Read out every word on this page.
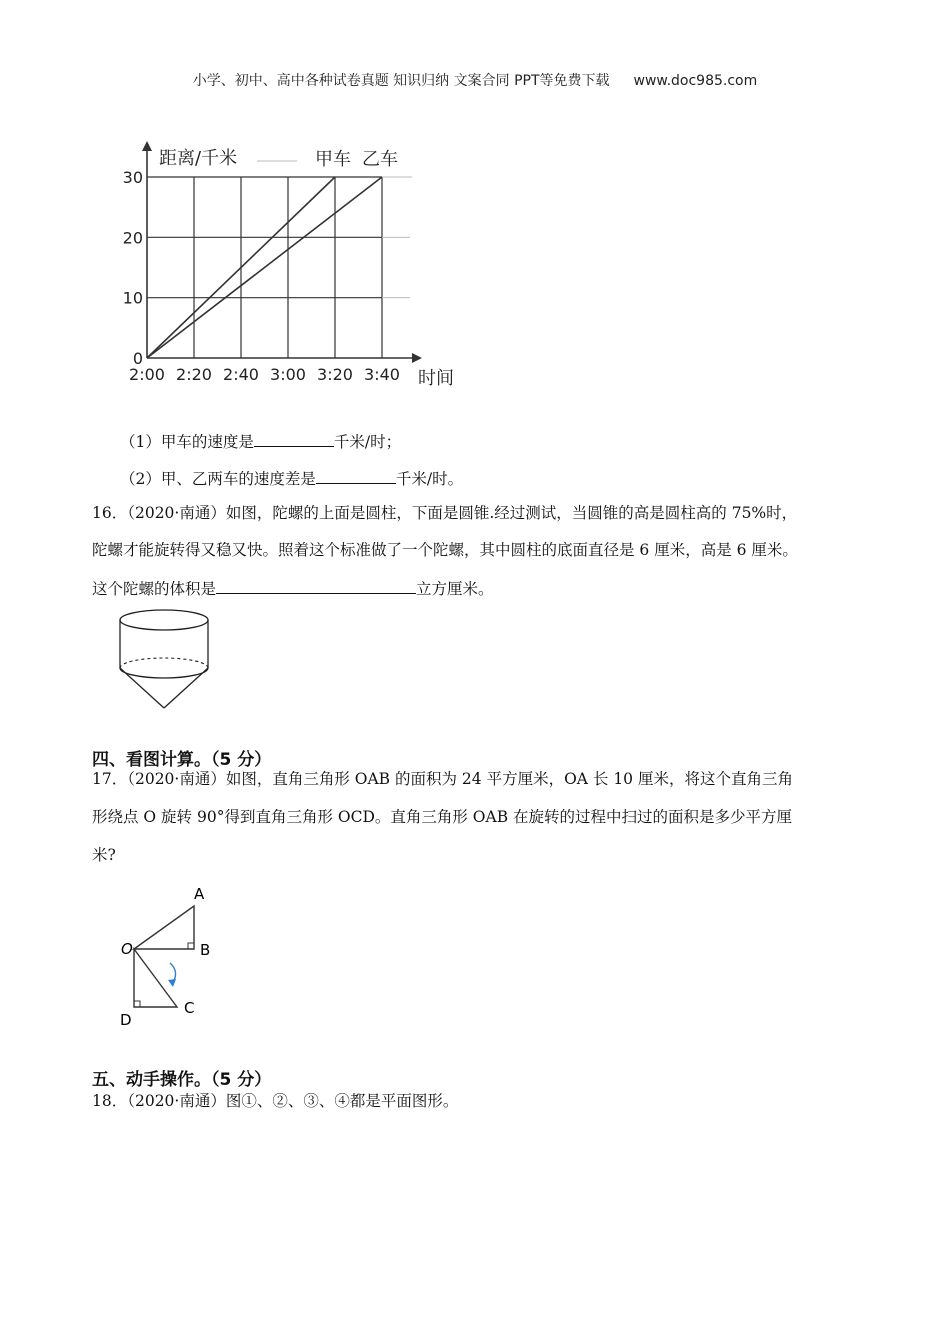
小学、初中、高中各种试卷真题 知识归纳 文案合同 PPT等免费下载 www.doc985.com
0
10
20
30
2:00 2:20 2:40 3:00 3:20 3:40
距离/千米
时间
甲车 乙车
（1）甲车的速度是	千米/时；
（2）甲、乙两车的速度差是	千米/时。
16．（2020·南通）如图，陀螺的上面是圆柱，下面是圆锥.经过测试，当圆锥的高是圆柱高的 75%时，
陀螺才能旋转得又稳又快。照着这个标准做了一个陀螺，其中圆柱的底面直径是 6 厘米，高是 6 厘米。
这个陀螺的体积是	立方厘米。
四、看图计算。（5 分）
17．（2020·南通）如图，直角三角形 OAB 的面积为 24 平方厘米，OA 长 10 厘米，将这个直角三角
形绕点 O 旋转 90°得到直角三角形 OCD。直角三角形 OAB 在旋转的过程中扫过的面积是多少平方厘
米?
O
A
B
C
D
五、动手操作。（5 分）
18．（2020·南通）图①、②、③、④都是平面图形。
